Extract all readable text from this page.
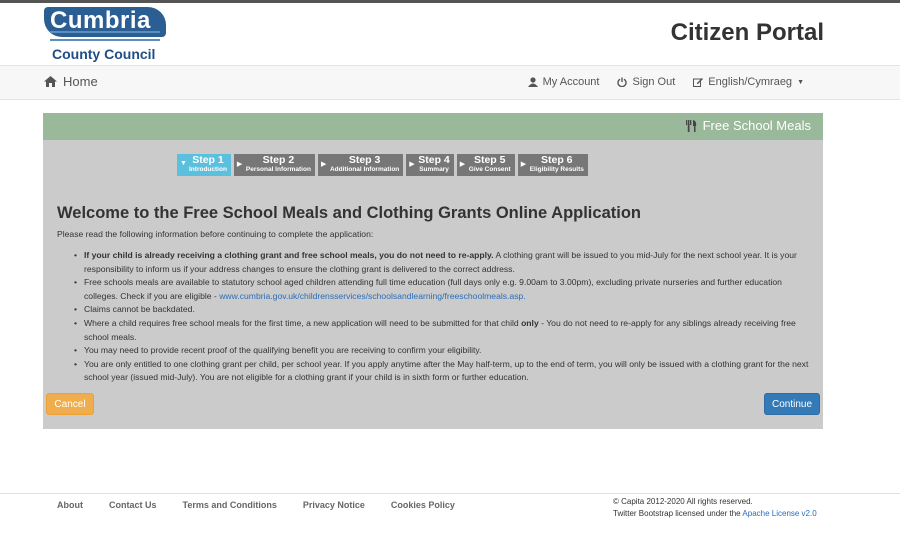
Cumbria
County Council
Citizen Portal
Home	My Account	Sign Out	English/Cymraeg ▼
Free School Meals
▼ Step 1
Introduction
▶	Step 2
Personal Information
▶	Step 3
Additional Information
▶ Step 4
Summary
▶ Step 5
Give Consent
▶	Step 6
Eligibility Results
Welcome to the Free School Meals and Clothing Grants Online Application

Please read the following information before continuing to complete the application:

• If your child is already receiving a clothing grant and free school meals, you do not need to re-apply. A clothing grant will be issued to you mid-July for the next school year. It is your responsibility to inform us if your address changes to ensure the clothing grant is delivered to the correct address.
• Free schools meals are available to statutory school aged children attending full time education (full days only e.g. 9.00am to 3.00pm), excluding private nurseries and further education colleges. Check if you are eligible - www.cumbria.gov.uk/childrensservices/schoolsandlearning/freeschoolmeals.asp.
• Claims cannot be backdated.
• Where a child requires free school meals for the first time, a new application will need to be submitted for that child only - You do not need to re-apply for any siblings already receiving free school meals.
• You may need to provide recent proof of the qualifying benefit you are receiving to confirm your eligibility.
• You are only entitled to one clothing grant per child, per school year. If you apply anytime after the May half-term, up to the end of term, you will only be issued with a clothing grant for the next school year (issued mid-July). You are not eligible for a clothing grant if your child is in sixth form or further education.
Cancel	Continue
About	Contact Us	Terms and Conditions	Privacy Notice	Cookies Policy	© Capita 2012-2020 All rights reserved.
Twitter Bootstrap licensed under the Apache License v2.0
